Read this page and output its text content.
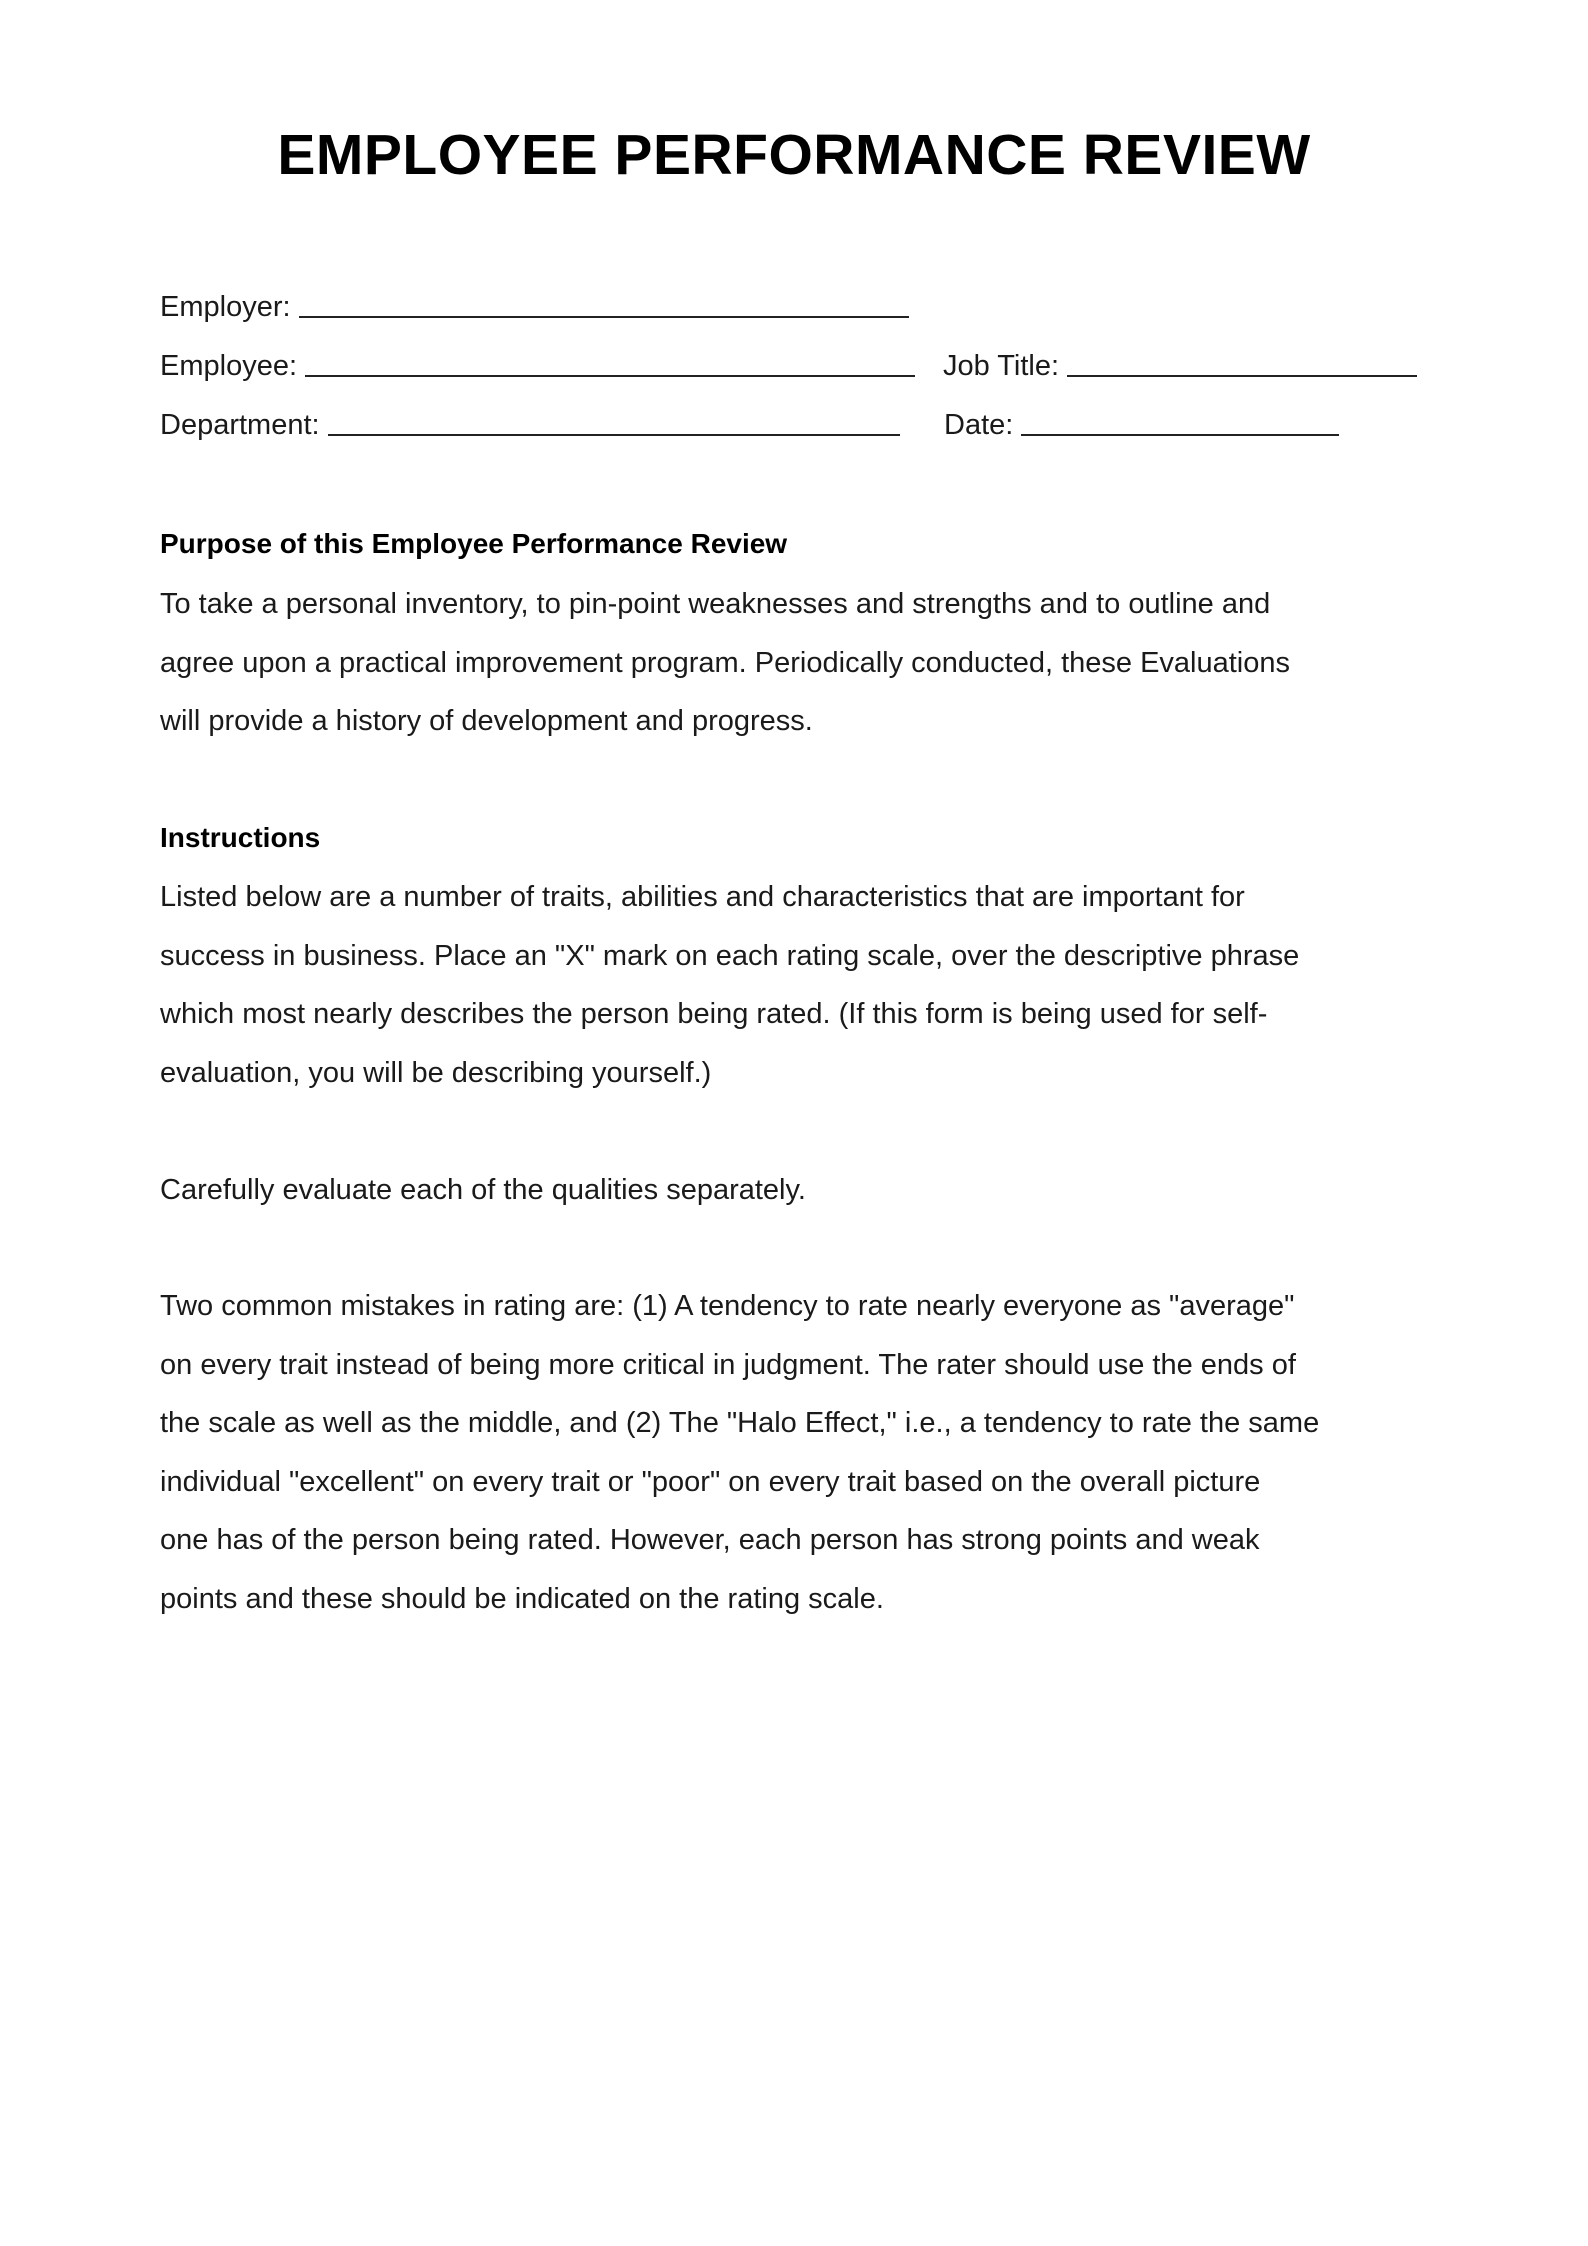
EMPLOYEE PERFORMANCE REVIEW
Employer:
Employee:	Job Title:
Department:	Date:
Purpose of this Employee Performance Review
To take a personal inventory, to pin-point weaknesses and strengths and to outline and
agree upon a practical improvement program. Periodically conducted, these Evaluations
will provide a history of development and progress.
Instructions
Listed below are a number of traits, abilities and characteristics that are important for
success in business. Place an "X" mark on each rating scale, over the descriptive phrase
which most nearly describes the person being rated. (If this form is being used for self-
evaluation, you will be describing yourself.)
Carefully evaluate each of the qualities separately.
Two common mistakes in rating are: (1) A tendency to rate nearly everyone as "average"
on every trait instead of being more critical in judgment. The rater should use the ends of
the scale as well as the middle, and (2) The "Halo Effect," i.e., a tendency to rate the same
individual "excellent" on every trait or "poor" on every trait based on the overall picture
one has of the person being rated. However, each person has strong points and weak
points and these should be indicated on the rating scale.
